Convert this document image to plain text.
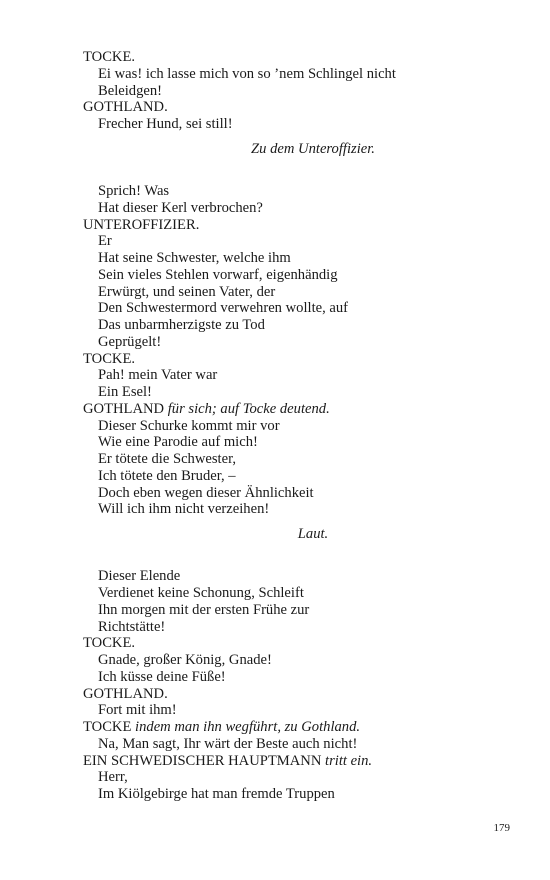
TOCKE.
Ei was! ich lasse mich von so ’nem Schlingel nicht
Beleidgen!
GOTHLAND.
Frecher Hund, sei still!
Zu dem Unteroffizier.
Sprich! Was
Hat dieser Kerl verbrochen?
UNTEROFFIZIER.
Er
Hat seine Schwester, welche ihm
Sein vieles Stehlen vorwarf, eigenhändig
Erwürgt, und seinen Vater, der
Den Schwestermord verwehren wollte, auf
Das unbarmherzigste zu Tod
Geprügelt!
TOCKE.
Pah! mein Vater war
Ein Esel!
GOTHLAND für sich; auf Tocke deutend.
Dieser Schurke kommt mir vor
Wie eine Parodie auf mich!
Er tötete die Schwester,
Ich tötete den Bruder, –
Doch eben wegen dieser Ähnlichkeit
Will ich ihm nicht verzeihen!
Laut.
Dieser Elende
Verdienet keine Schonung, Schleift
Ihn morgen mit der ersten Frühe zur
Richtstätte!
TOCKE.
Gnade, großer König, Gnade!
Ich küsse deine Füße!
GOTHLAND.
Fort mit ihm!
TOCKE indem man ihn wegführt, zu Gothland.
Na, Man sagt, Ihr wärt der Beste auch nicht!
EIN SCHWEDISCHER HAUPTMANN tritt ein.
Herr,
Im Kiölgebirge hat man fremde Truppen
179
